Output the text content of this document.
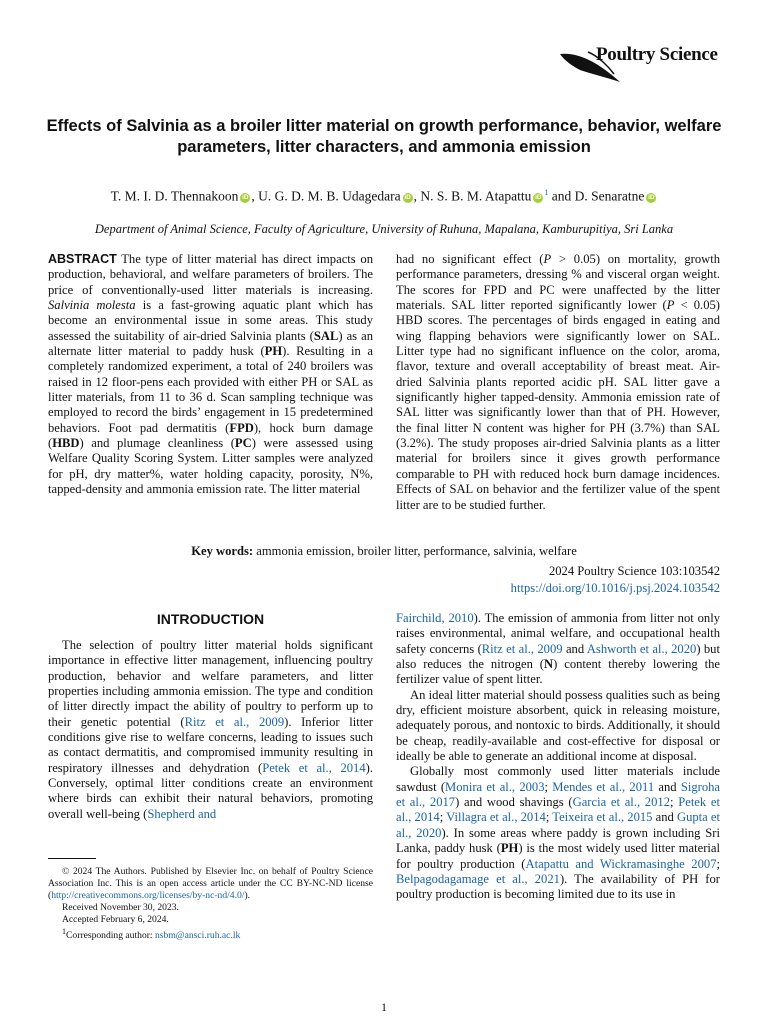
Poultry Science
Effects of Salvinia as a broiler litter material on growth performance, behavior, welfare parameters, litter characters, and ammonia emission
T. M. I. D. Thennakoon iD , U. G. D. M. B. Udagedara iD , N. S. B. M. Atapattu iD $^1$ and D. Senaratne iD
Department of Animal Science, Faculty of Agriculture, University of Ruhuna, Mapalana, Kamburupitiya, Sri Lanka

ABSTRACT The type of litter material has direct impacts on production, behavioral, and welfare parameters of broilers. The price of conventionally-used litter materials is increasing. Salvinia molesta is a fast-growing aquatic plant which has become an environmental issue in some areas. This study assessed the suitability of air-dried Salvinia plants (SAL) as an alternate litter material to paddy husk (PH). Resulting in a completely randomized experiment, a total of 240 broilers was raised in 12 floor-pens each provided with either PH or SAL as litter materials, from 11 to 36 d. Scan sampling technique was employed to record the birds’ engagement in 15 predetermined behaviors. Foot pad dermatitis (FPD), hock burn damage (HBD) and plumage cleanliness (PC) were assessed using Welfare Quality Scoring System. Litter samples were analyzed for pH, dry matter%, water holding capacity, porosity, N%, tapped-density and ammonia emission rate. The litter material

had no significant effect (P > 0.05) on mortality, growth performance parameters, dressing % and visceral organ weight. The scores for FPD and PC were unaffected by the litter materials. SAL litter reported significantly lower (P < 0.05) HBD scores. The percentages of birds engaged in eating and wing flapping behaviors were significantly lower on SAL. Litter type had no significant influence on the color, aroma, flavor, texture and overall acceptability of breast meat. Air-dried Salvinia plants reported acidic pH. SAL litter gave a significantly higher tapped-density. Ammonia emission rate of SAL litter was significantly lower than that of PH. However, the final litter N content was higher for PH (3.7%) than SAL (3.2%). The study proposes air-dried Salvinia plants as a litter material for broilers since it gives growth performance comparable to PH with reduced hock burn damage incidences. Effects of SAL on behavior and the fertilizer value of the spent litter are to be studied further.

Key words: ammonia emission, broiler litter, performance, salvinia, welfare
2024 Poultry Science 103:103542
https://doi.org/10.1016/j.psj.2024.103542
INTRODUCTION

The selection of poultry litter material holds significant importance in effective litter management, influencing poultry production, behavior and welfare parameters, and litter properties including ammonia emission. The type and condition of litter directly impact the ability of poultry to perform up to their genetic potential (Ritz et al., 2009). Inferior litter conditions give rise to welfare concerns, leading to issues such as contact dermatitis, and compromised immunity resulting in respiratory illnesses and dehydration (Petek et al., 2014). Conversely, optimal litter conditions create an environment where birds can exhibit their natural behaviors, promoting overall well-being (Shepherd and

Fairchild, 2010). The emission of ammonia from litter not only raises environmental, animal welfare, and occupational health safety concerns (Ritz et al., 2009 and Ashworth et al., 2020) but also reduces the nitrogen (N) content thereby lowering the fertilizer value of spent litter.

An ideal litter material should possess qualities such as being dry, efficient moisture absorbent, quick in releasing moisture, adequately porous, and nontoxic to birds. Additionally, it should be cheap, readily-available and cost-effective for disposal or ideally be able to generate an additional income at disposal.

Globally most commonly used litter materials include sawdust (Monira et al., 2003; Mendes et al., 2011 and Sigroha et al., 2017) and wood shavings (Garcia et al., 2012; Petek et al., 2014; Villagra et al., 2014; Teixeira et al., 2015 and Gupta et al., 2020). In some areas where paddy is grown including Sri Lanka, paddy husk (PH) is the most widely used litter material for poultry production (Atapattu and Wickramasinghe 2007; Belpagodagamage et al., 2021). The availability of PH for poultry production is becoming limited due to its use in

© 2024 The Authors. Published by Elsevier Inc. on behalf of Poultry Science Association Inc. This is an open access article under the CC BY-NC-ND license (http://creativecommons.org/licenses/by-nc-nd/4.0/).

Received November 30, 2023.

Accepted February 6, 2024.

$^1$Corresponding author: nsbm@ansci.ruh.ac.lk

1
